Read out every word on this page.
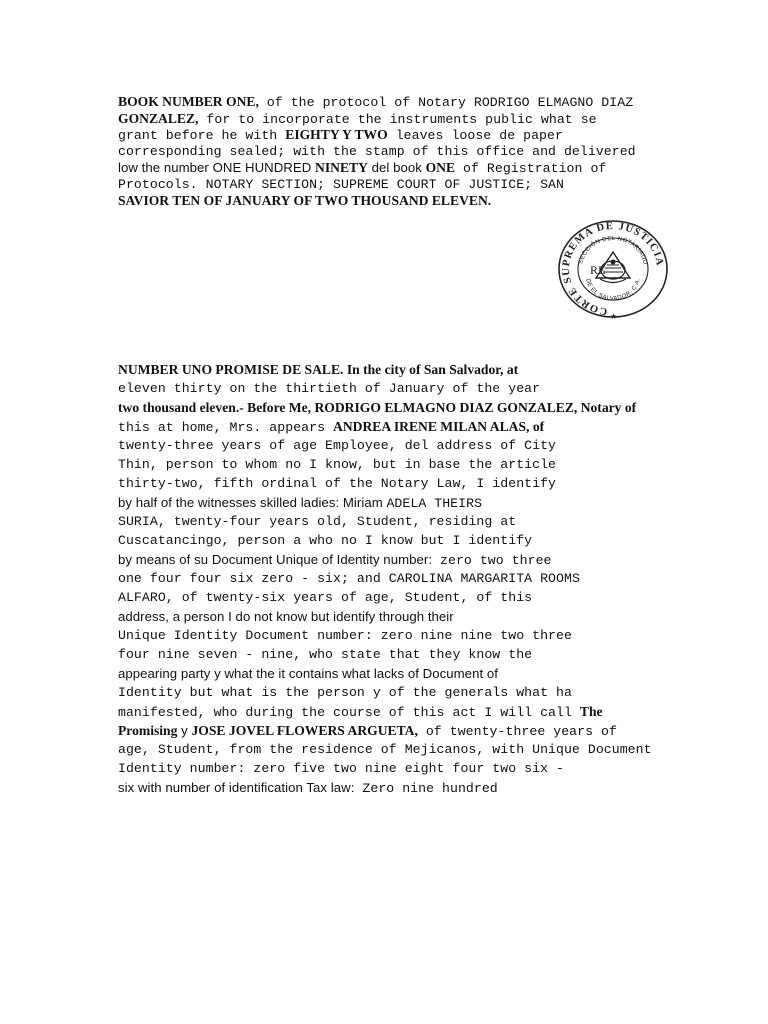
BOOK NUMBER ONE, of the protocol of Notary RODRIGO ELMAGNO DIAZ
GONZALEZ, for to incorporate the instruments public what se
grant before he with EIGHTY Y TWO leaves loose de paper
corresponding sealed; with the stamp of this office and delivered
low the number ONE HUNDRED NINETY del book ONE of Registration of
Protocols. NOTARY SECTION; SUPREME COURT OF JUSTICE; SAN
SAVIOR TEN OF JANUARY OF TWO THOUSAND ELEVEN.
CORTE SUPREMA DE JUSTICIA
SECCIÓN DEL NOTARIADO
DE EL SALVADOR, C.A.
RE
★
NUMBER UNO PROMISE DE SALE. In the city of San Salvador, at
eleven thirty on the thirtieth of January of the year
two thousand eleven.- Before Me, RODRIGO ELMAGNO DIAZ GONZALEZ, Notary of
this at home, Mrs. appears ANDREA IRENE MILAN ALAS, of
twenty-three years of age Employee, del address of City
Thin, person to whom no I know, but in base the article
thirty-two, fifth ordinal of the Notary Law, I identify
by half of the witnesses skilled ladies: Miriam ADELA THEIRS
SURIA, twenty-four years old, Student, residing at
Cuscatancingo, person a who no I know but I identify
by means of su Document Unique of Identity number: zero two three
one four four six zero - six; and CAROLINA MARGARITA ROOMS
ALFARO, of twenty-six years of age, Student, of this
address, a person I do not know but identify through their
Unique Identity Document number: zero nine nine two three
four nine seven - nine, who state that they know the
appearing party y what the it contains what lacks of Document of
Identity but what is the person y of the generals what ha
manifested, who during the course of this act I will call The
Promising y JOSE JOVEL FLOWERS ARGUETA, of twenty-three years of
age, Student, from the residence of Mejicanos, with Unique Document
Identity number: zero five two nine eight four two six -
six with number of identification Tax law: Zero nine hundred
